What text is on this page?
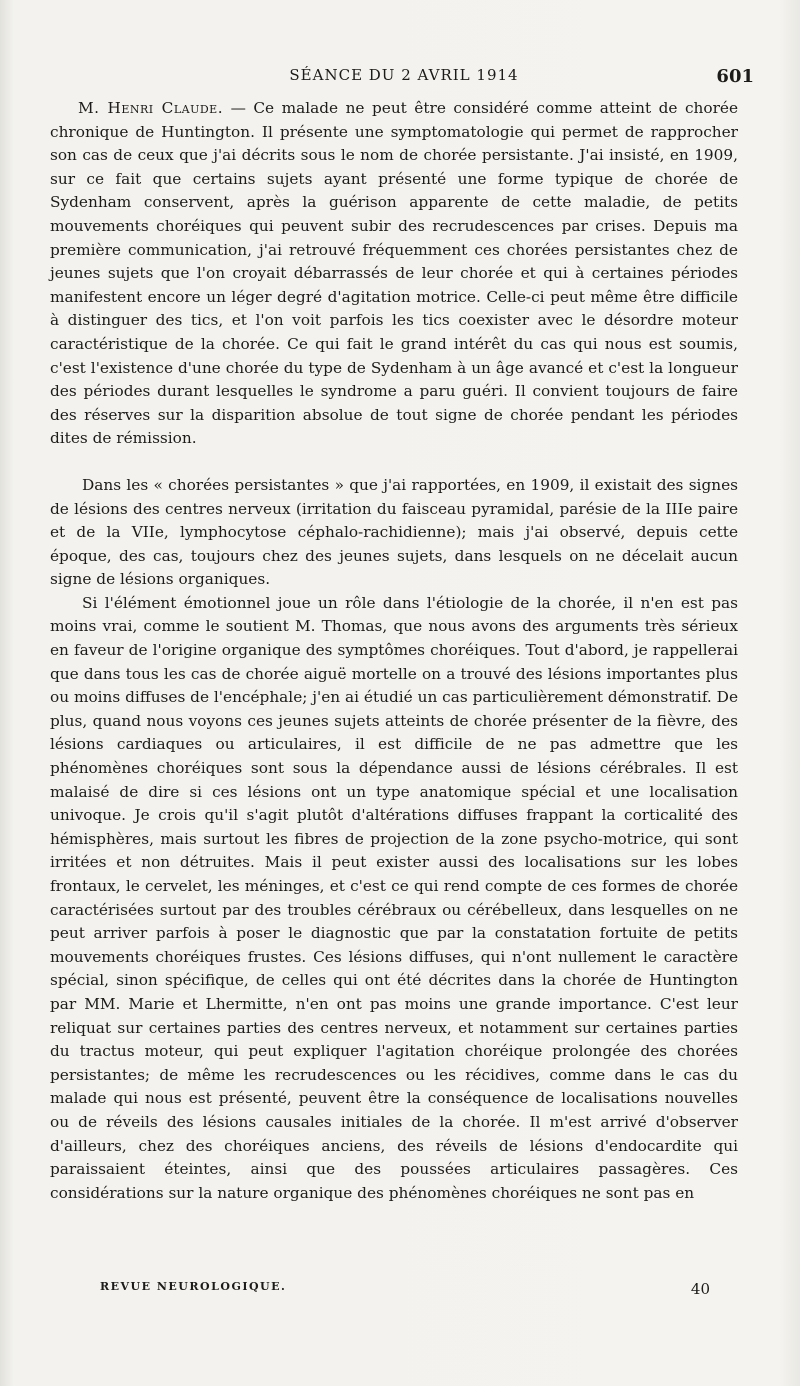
SÉANCE DU 2 AVRIL 1914	601

M. Henri Claude. — Ce malade ne peut être considéré comme atteint de chorée chronique de Huntington. Il présente une symptomatologie qui permet de rapprocher son cas de ceux que j'ai décrits sous le nom de chorée persistante. J'ai insisté, en 1909, sur ce fait que certains sujets ayant présenté une forme typique de chorée de Sydenham conservent, après la guérison apparente de cette maladie, de petits mouvements choréiques qui peuvent subir des recrudescences par crises. Depuis ma première communication, j'ai retrouvé fréquemment ces chorées persistantes chez de jeunes sujets que l'on croyait débarrassés de leur chorée et qui à certaines périodes manifestent encore un léger degré d'agitation motrice. Celle-ci peut même être difficile à distinguer des tics, et l'on voit parfois les tics coexister avec le désordre moteur caractéristique de la chorée. Ce qui fait le grand intérêt du cas qui nous est soumis, c'est l'existence d'une chorée du type de Sydenham à un âge avancé et c'est la longueur des périodes durant lesquelles le syndrome a paru guéri. Il convient toujours de faire des réserves sur la disparition absolue de tout signe de chorée pendant les périodes dites de rémission.

Dans les « chorées persistantes » que j'ai rapportées, en 1909, il existait des signes de lésions des centres nerveux (irritation du faisceau pyramidal, parésie de la IIIe paire et de la VIIe, lymphocytose céphalo-rachidienne); mais j'ai observé, depuis cette époque, des cas, toujours chez des jeunes sujets, dans lesquels on ne décelait aucun signe de lésions organiques.

Si l'élément émotionnel joue un rôle dans l'étiologie de la chorée, il n'en est pas moins vrai, comme le soutient M. Thomas, que nous avons des arguments très sérieux en faveur de l'origine organique des symptômes choréiques. Tout d'abord, je rappellerai que dans tous les cas de chorée aiguë mortelle on a trouvé des lésions importantes plus ou moins diffuses de l'encéphale; j'en ai étudié un cas particulièrement démonstratif. De plus, quand nous voyons ces jeunes sujets atteints de chorée présenter de la fièvre, des lésions cardiaques ou articulaires, il est difficile de ne pas admettre que les phénomènes choréiques sont sous la dépendance aussi de lésions cérébrales. Il est malaisé de dire si ces lésions ont un type anatomique spécial et une localisation univoque. Je crois qu'il s'agit plutôt d'altérations diffuses frappant la corticalité des hémisphères, mais surtout les fibres de projection de la zone psycho-motrice, qui sont irritées et non détruites. Mais il peut exister aussi des localisations sur les lobes frontaux, le cervelet, les méninges, et c'est ce qui rend compte de ces formes de chorée caractérisées surtout par des troubles cérébraux ou cérébelleux, dans lesquelles on ne peut arriver parfois à poser le diagnostic que par la constatation fortuite de petits mouvements choréiques frustes. Ces lésions diffuses, qui n'ont nullement le caractère spécial, sinon spécifique, de celles qui ont été décrites dans la chorée de Huntington par MM. Marie et Lhermitte, n'en ont pas moins une grande importance. C'est leur reliquat sur certaines parties des centres nerveux, et notamment sur certaines parties du tractus moteur, qui peut expliquer l'agitation choréique prolongée des chorées persistantes; de même les recrudescences ou les récidives, comme dans le cas du malade qui nous est présenté, peuvent être la conséquence de localisations nouvelles ou de réveils des lésions causales initiales de la chorée. Il m'est arrivé d'observer d'ailleurs, chez des choréiques anciens, des réveils de lésions d'endocardite qui paraissaient éteintes, ainsi que des poussées articulaires passagères. Ces considérations sur la nature organique des phénomènes choréiques ne sont pas en

REVUE NEUROLOGIQUE.	40
